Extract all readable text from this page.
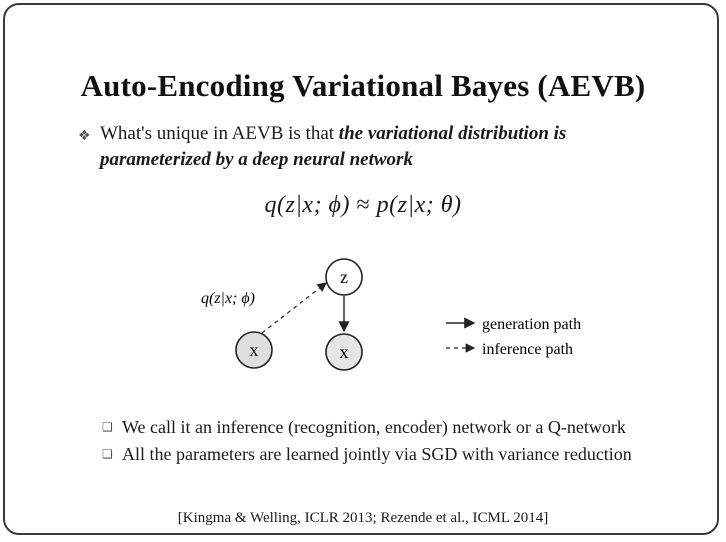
Auto-Encoding Variational Bayes (AEVB)
❖ What's unique in AEVB is that the variational distribution is
parameterized by a deep neural network
q(z|x; ϕ) ≈ p(z|x; θ)
z
x	x
q(z|x; ϕ)
generation path
inference path
❑ We call it an inference (recognition, encoder) network or a Q-network
❑ All the parameters are learned jointly via SGD with variance reduction
[Kingma & Welling, ICLR 2013; Rezende et al., ICML 2014]
